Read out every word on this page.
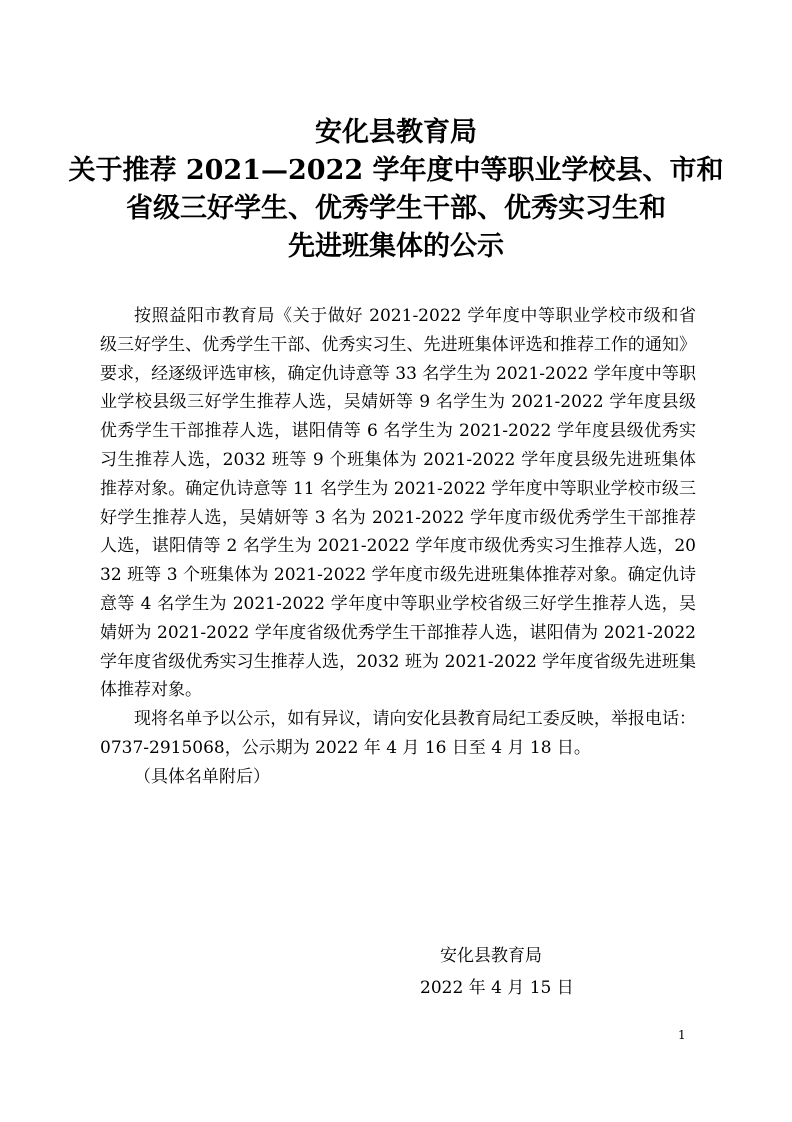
安化县教育局
关于推荐 2021—2022 学年度中等职业学校县、市和
省级三好学生、优秀学生干部、优秀实习生和
先进班集体的公示

按照益阳市教育局《关于做好 2021-2022 学年度中等职业学校市级和省级三好学生、优秀学生干部、优秀实习生、先进班集体评选和推荐工作的通知》要求，经逐级评选审核，确定仇诗意等 33 名学生为 2021-2022 学年度中等职业学校县级三好学生推荐人选，吴婧妍等 9 名学生为 2021-2022 学年度县级优秀学生干部推荐人选，谌阳倩等 6 名学生为 2021-2022 学年度县级优秀实习生推荐人选，2032 班等 9 个班集体为 2021-2022 学年度县级先进班集体推荐对象。确定仇诗意等 11 名学生为 2021-2022 学年度中等职业学校市级三好学生推荐人选，吴婧妍等 3 名为 2021-2022 学年度市级优秀学生干部推荐人选，谌阳倩等 2 名学生为 2021-2022 学年度市级优秀实习生推荐人选，2032 班等 3 个班集体为 2021-2022 学年度市级先进班集体推荐对象。确定仇诗意等 4 名学生为 2021-2022 学年度中等职业学校省级三好学生推荐人选，吴婧妍为 2021-2022 学年度省级优秀学生干部推荐人选，谌阳倩为 2021-2022 学年度省级优秀实习生推荐人选，2032 班为 2021-2022 学年度省级先进班集体推荐对象。

现将名单予以公示，如有异议，请向安化县教育局纪工委反映，举报电话：0737-2915068，公示期为 2022 年 4 月 16 日至 4 月 18 日。

（具体名单附后）

安化县教育局
2022 年 4 月 15 日
1
